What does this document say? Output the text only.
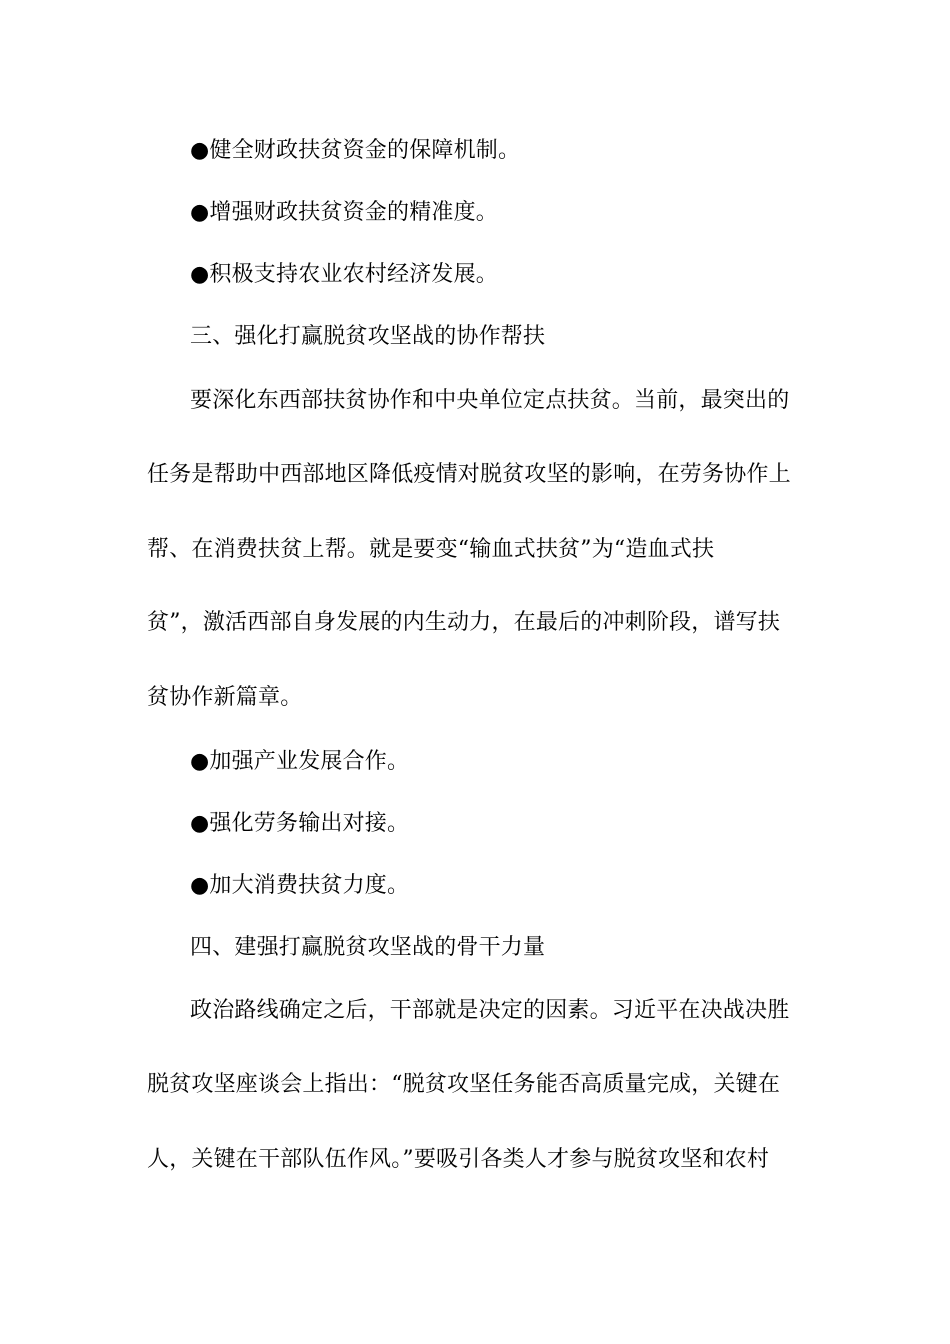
●健全财政扶贫资金的保障机制。
●增强财政扶贫资金的精准度。
●积极支持农业农村经济发展。
三、强化打赢脱贫攻坚战的协作帮扶
要深化东西部扶贫协作和中央单位定点扶贫。当前，最突出的
任务是帮助中西部地区降低疫情对脱贫攻坚的影响，在劳务协作上
帮、在消费扶贫上帮。就是要变“输血式扶贫”为“造血式扶
贫”，激活西部自身发展的内生动力，在最后的冲刺阶段，谱写扶
贫协作新篇章。
●加强产业发展合作。
●强化劳务输出对接。
●加大消费扶贫力度。
四、建强打赢脱贫攻坚战的骨干力量
政治路线确定之后，干部就是决定的因素。习近平在决战决胜
脱贫攻坚座谈会上指出：“脱贫攻坚任务能否高质量完成，关键在
人，关键在干部队伍作风。”要吸引各类人才参与脱贫攻坚和农村
